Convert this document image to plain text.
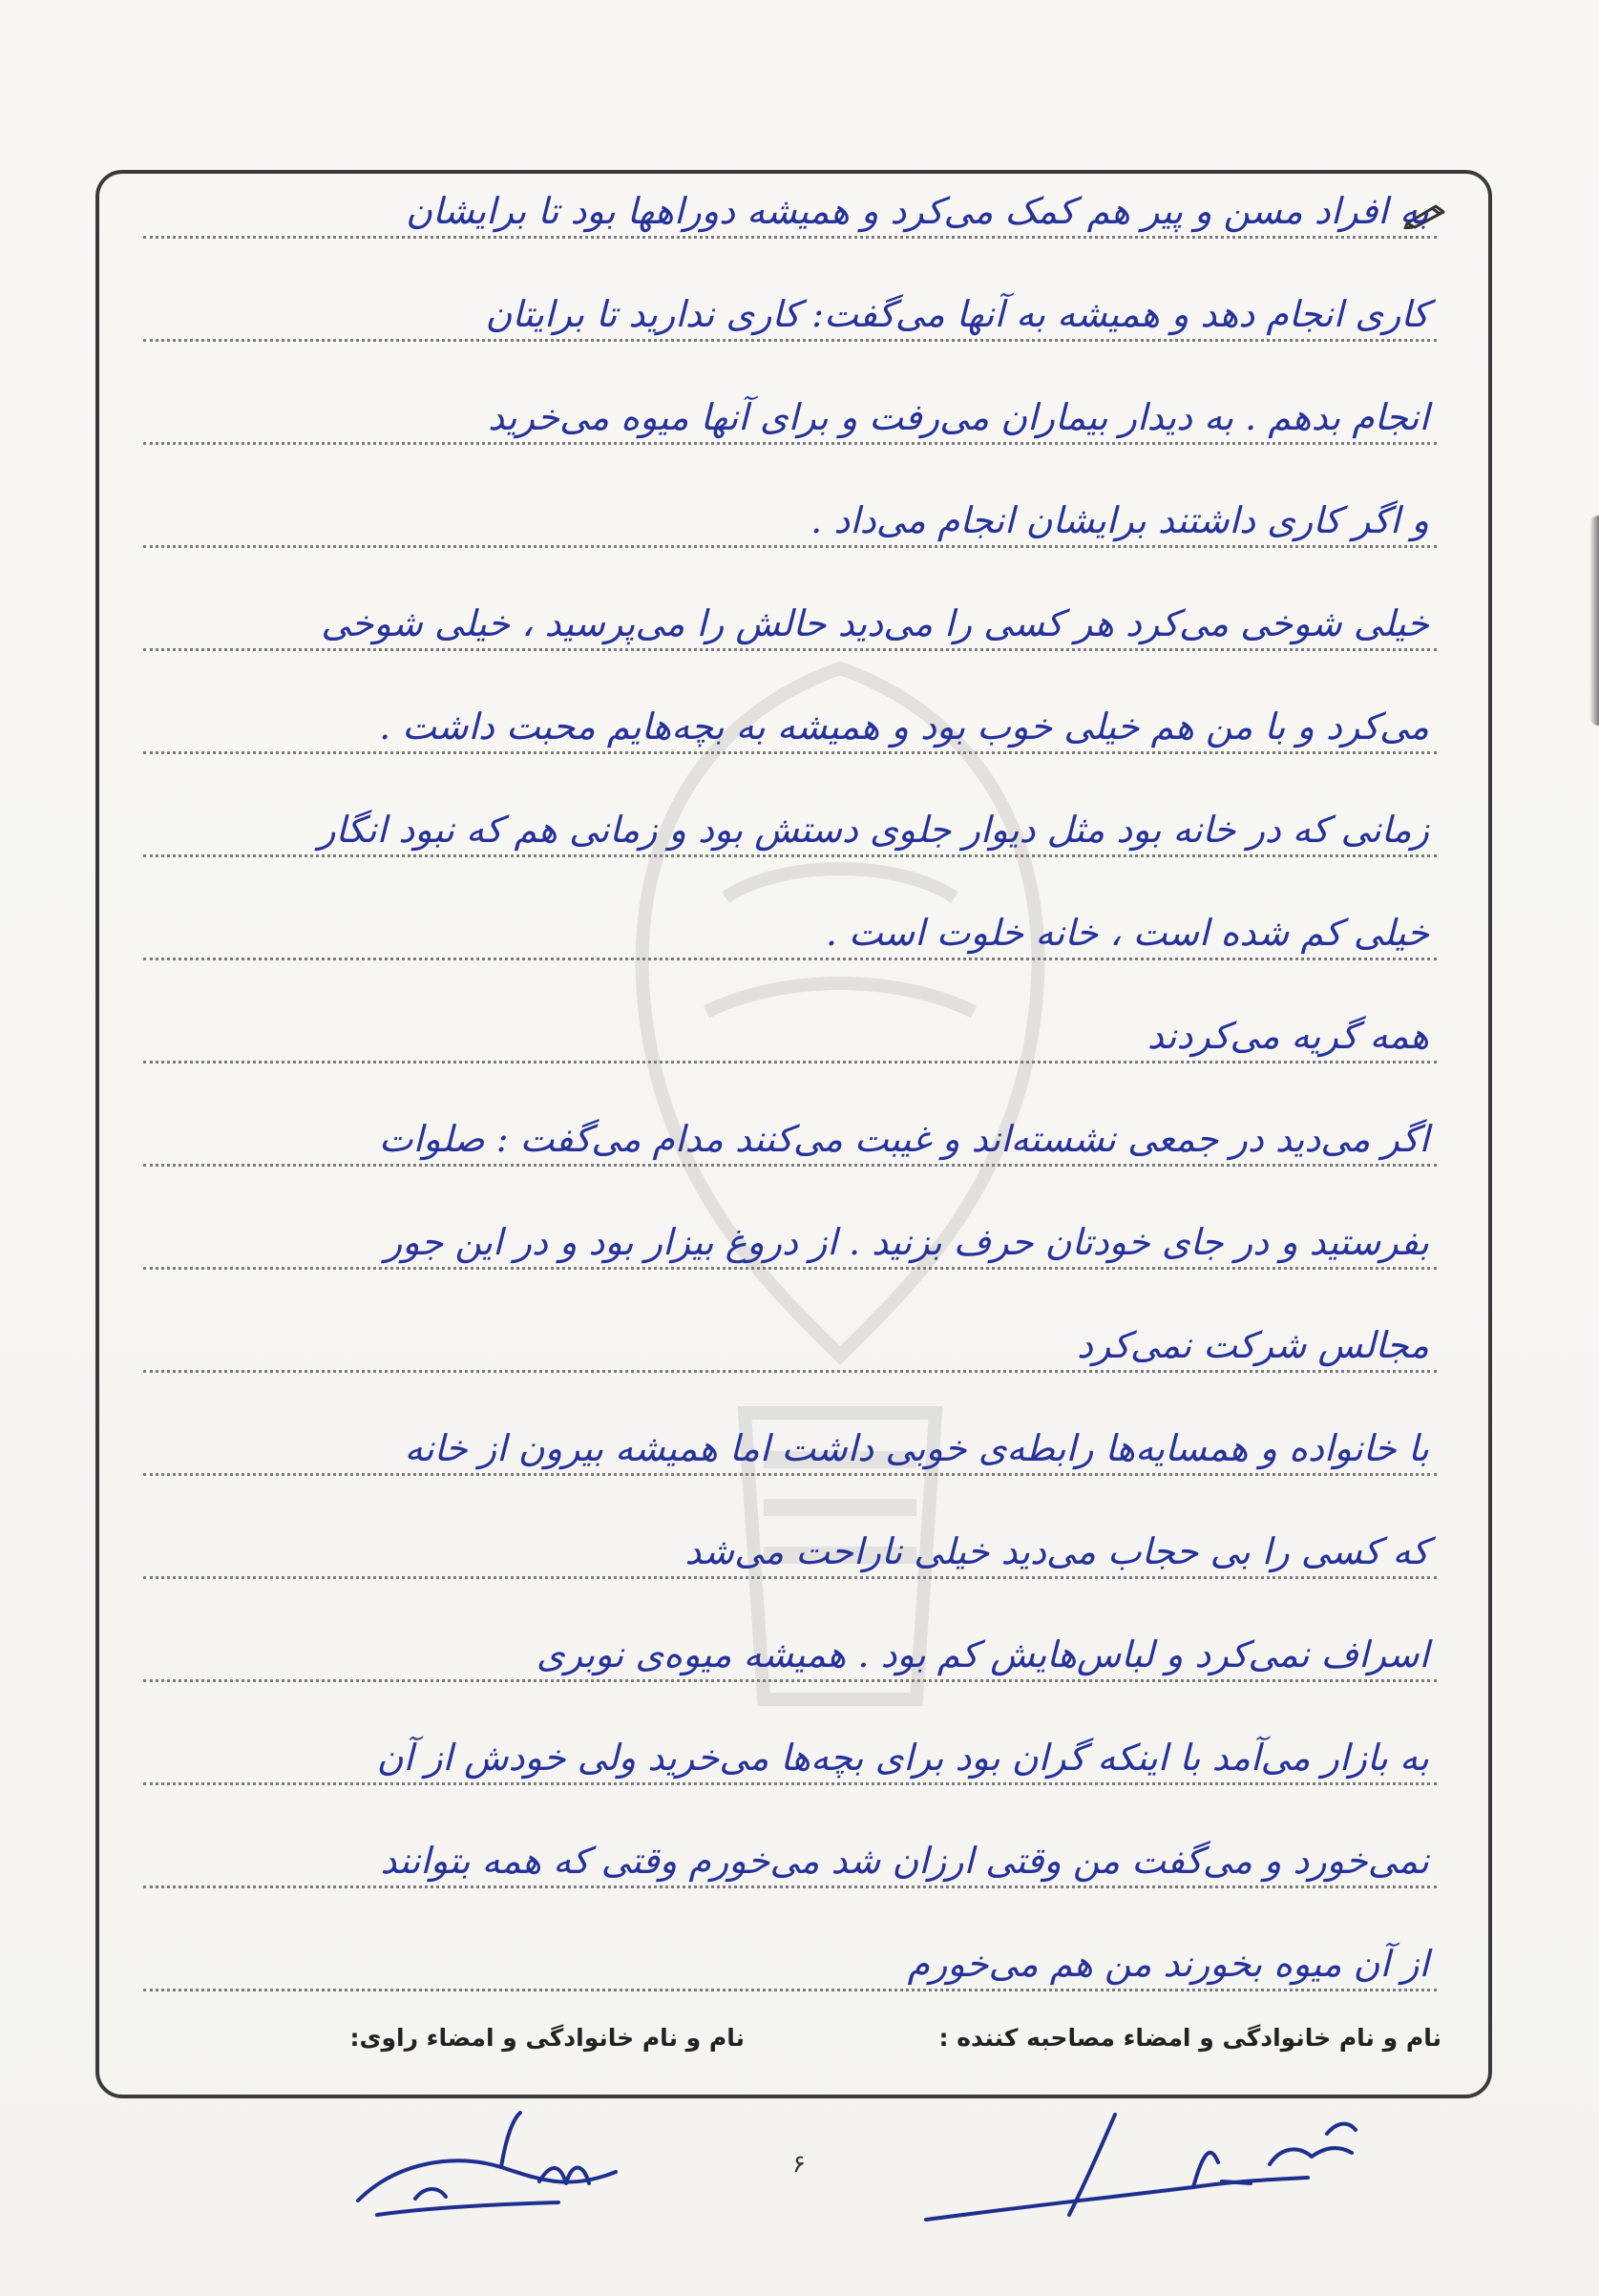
به افراد مسن و پیر هم کمک می‌کرد و همیشه دوراهها بود تا برایشان
کاری انجام دهد و همیشه به آنها می‌گفت: کاری ندارید تا برایتان
انجام بدهم . به دیدار بیماران می‌رفت و برای آنها میوه می‌خرید
و اگر کاری داشتند برایشان انجام می‌داد .
خیلی شوخی می‌کرد هر کسی را می‌دید حالش را می‌پرسید ، خیلی شوخی
می‌کرد و با من هم خیلی خوب بود و همیشه به بچه‌هایم محبت داشت .
زمانی که در خانه بود مثل دیوار جلوی دستش بود و زمانی هم که نبود انگار
خیلی کم شده است ، خانه خلوت است .
همه گریه می‌کردند
اگر می‌دید در جمعی نشسته‌اند و غیبت می‌کنند مدام می‌گفت : صلوات
بفرستید و در جای خودتان حرف بزنید . از دروغ بیزار بود و در این جور
مجالس شرکت نمی‌کرد
با خانواده و همسایه‌ها رابطه‌ی خوبی داشت اما همیشه بیرون از خانه
که کسی را بی حجاب می‌دید خیلی ناراحت می‌شد
اسراف نمی‌کرد و لباس‌هایش کم بود . همیشه میوه‌ی نوبری
به بازار می‌آمد با اینکه گران بود برای بچه‌ها می‌خرید ولی خودش از آن
نمی‌خورد و می‌گفت من وقتی ارزان شد می‌خورم وقتی که همه بتوانند
از آن میوه بخورند من هم می‌خورم
نام و نام خانوادگی و امضاء مصاحبه کننده :
نام و نام خانوادگی و امضاء راوی:
۶
